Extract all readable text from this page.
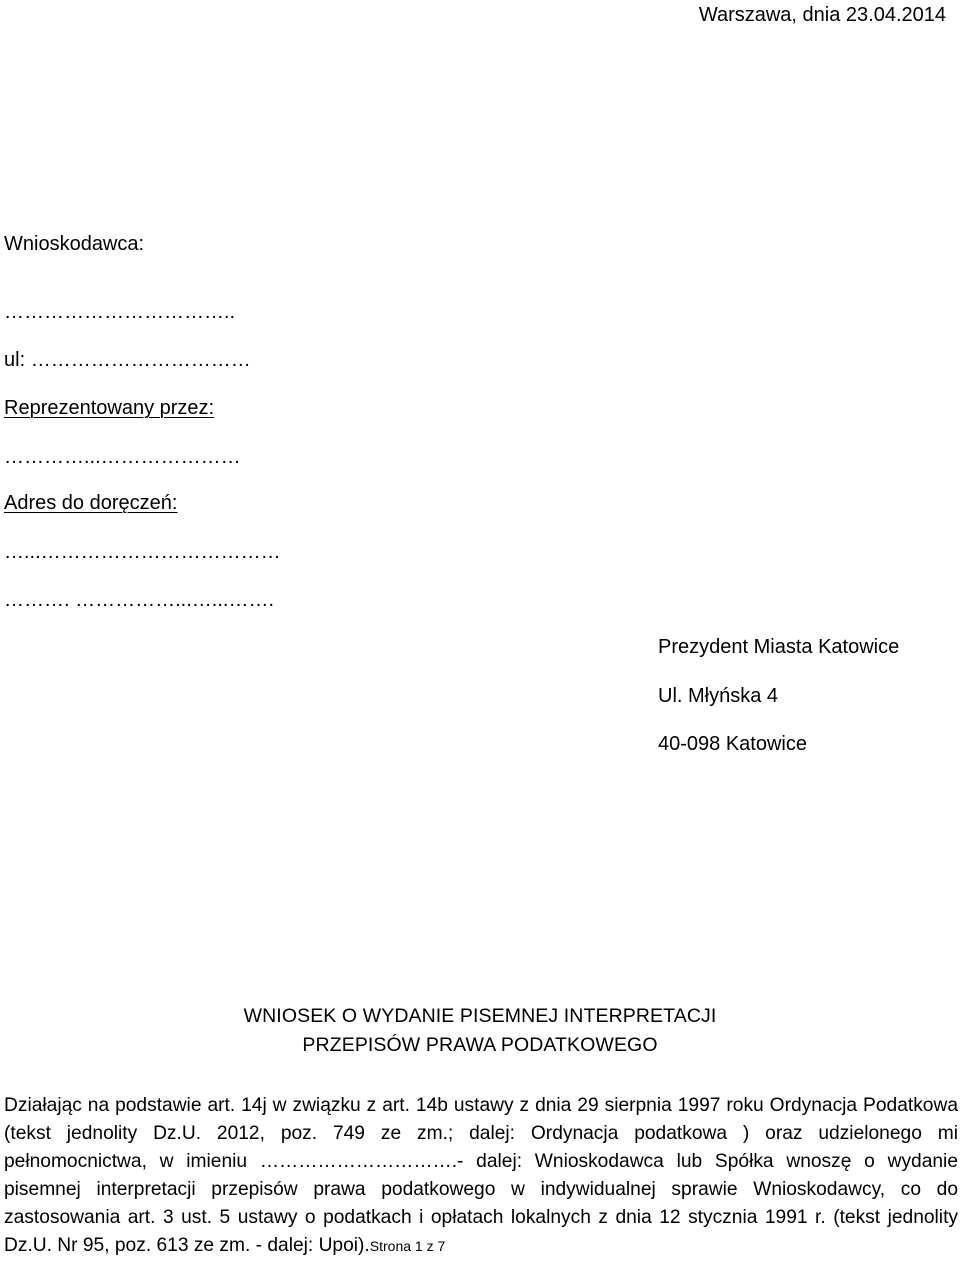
Warszawa, dnia 23.04.2014
Wnioskodawca:
……………………………..
ul: ……………………………
Reprezentowany przez:
…………...…………………
Adres do doręczeń:
…...………………………………
………. ……………...…...…….
Prezydent Miasta Katowice
Ul. Młyńska 4
40-098 Katowice
WNIOSEK O WYDANIE PISEMNEJ INTERPRETACJI
PRZEPISÓW PRAWA PODATKOWEGO

Działając na podstawie art. 14j w związku z art. 14b ustawy z dnia 29 sierpnia 1997 roku Ordynacja Podatkowa (tekst jednolity Dz.U. 2012, poz. 749 ze zm.; dalej: Ordynacja podatkowa ) oraz udzielonego mi pełnomocnictwa, w imieniu ………………………….- dalej: Wnioskodawca lub Spółka wnoszę o wydanie pisemnej interpretacji przepisów prawa podatkowego w indywidualnej sprawie Wnioskodawcy, co do zastosowania art. 3 ust. 5 ustawy o podatkach i opłatach lokalnych z dnia 12 stycznia 1991 r. (tekst jednolity Dz.U. Nr 95, poz. 613 ze zm. - dalej: Upoi).Strona 1 z 7
